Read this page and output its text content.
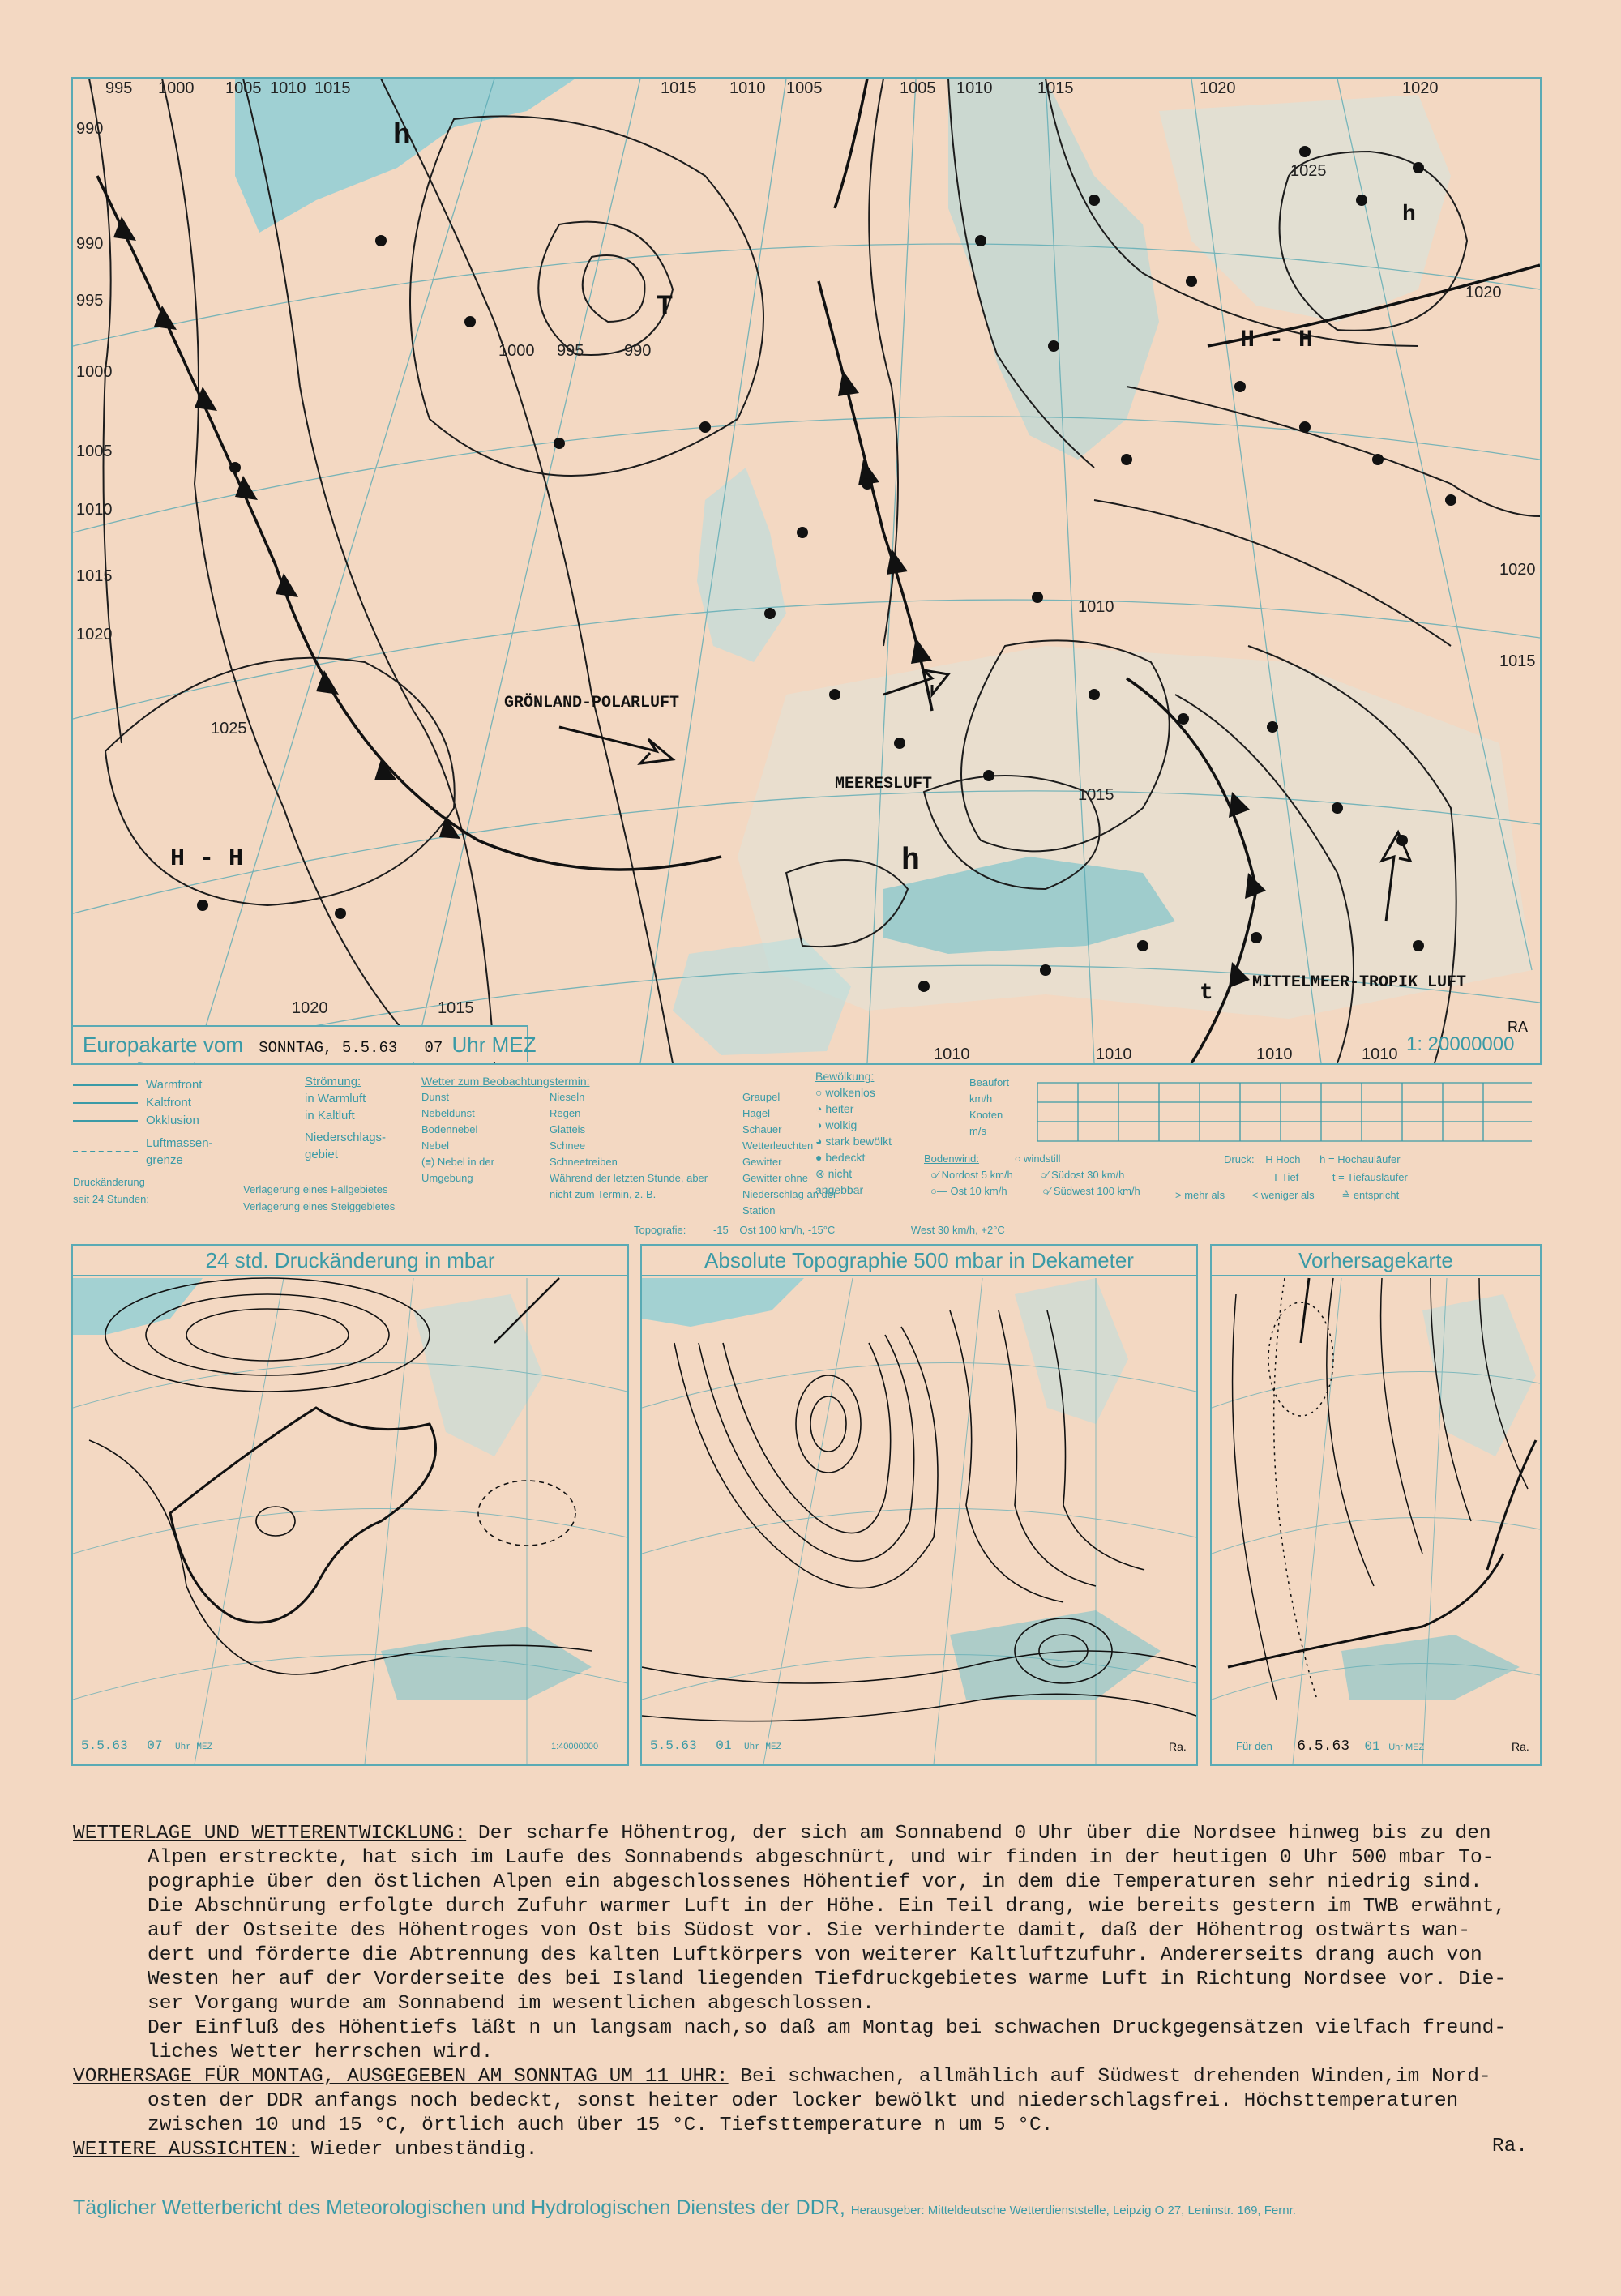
T
H - H
H - H
995 1000 1005 1010 1015	1015 1010 1005	1005 1010	1015	1020	1020
990
990
995
1000
1005
1010
1015
1020
1000 995 990
1025
1025
1010
1020
1015
1020
1015
1020	1015
1010	1010	1010	1010
h
h
h
t
GRÖNLAND-POLARLUFT
MEERESLUFT
MITTELMEER-TROPIK LUFT
Europakarte vom SONNTAG, 5.5.63 07 Uhr MEZ
RA
1: 20000000
Warmfront
Kaltfront
Okklusion
Luftmassen-grenze
Druckänderung
seit 24 Stunden:
Strömung:
in Warmluft
in Kaltluft
Niederschlags-gebiet
Verlagerung eines Fallgebietes
Verlagerung eines Steiggebietes
Wetter zum Beobachtungstermin:
Dunst
Nebeldunst
Bodennebel
Nebel
(≡) Nebel in der Umgebung
Nieseln
Regen
Glatteis
Schnee
Schneetreiben
Während der letzten Stunde, aber nicht zum Termin, z. B.
Graupel
Hagel
Schauer
Wetterleuchten
Gewitter
Gewitter ohne Niederschlag an der Station
Topografie:	-15 Ost 100 km/h, -15°C	West 30 km/h, +2°C
Bewölkung:
○ wolkenlos
◔ heiter
◑ wolkig
◕ stark bewölkt
● bedeckt
⊗ nicht angebbar
Bodenwind:	○ windstill
○⁄ Nordost 5 km/h	○⁄ Südost 30 km/h
○— Ost 10 km/h	○⁄ Südwest 100 km/h
Beaufort
km/h
Knoten
m/s
Druck: H Hoch h = Hochauläufer
T Tief	t = Tiefausläufer
> mehr als	< weniger als	≙ entspricht
24 std. Druckänderung in mbar
5.5.63 07 Uhr MEZ	1:40000000
Absolute Topographie 500 mbar in Dekameter
5.5.63 01 Uhr MEZ	Ra.
Vorhersagekarte
Für den 6.5.63 01 Uhr MEZ	Ra.

WETTERLAGE UND WETTERENTWICKLUNG: Der scharfe Höhentrog, der sich am Sonnabend 0 Uhr über die Nordsee hinweg bis zu den

Alpen erstreckte, hat sich im Laufe des Sonnabends abgeschnürt, und wir finden in der heutigen 0 Uhr 500 mbar To-

pographie über den östlichen Alpen ein abgeschlossenes Höhentief vor, in dem die Temperaturen sehr niedrig sind.

Die Abschnürung erfolgte durch Zufuhr warmer Luft in der Höhe. Ein Teil drang, wie bereits gestern im TWB erwähnt,

auf der Ostseite des Höhentroges von Ost bis Südost vor. Sie verhinderte damit, daß der Höhentrog ostwärts wan-

dert und förderte die Abtrennung des kalten Luftkörpers von weiterer Kaltluftzufuhr. Andererseits drang auch von

Westen her auf der Vorderseite des bei Island liegenden Tiefdruckgebietes warme Luft in Richtung Nordsee vor. Die-

ser Vorgang wurde am Sonnabend im wesentlichen abgeschlossen.

Der Einfluß des Höhentiefs läßt n un langsam nach,so daß am Montag bei schwachen Druckgegensätzen vielfach freund-

liches Wetter herrschen wird.

VORHERSAGE FÜR MONTAG, AUSGEGEBEN AM SONNTAG UM 11 UHR: Bei schwachen, allmählich auf Südwest drehenden Winden,im Nord-

osten der DDR anfangs noch bedeckt, sonst heiter oder locker bewölkt und niederschlagsfrei. Höchsttemperaturen

zwischen 10 und 15 °C, örtlich auch über 15 °C. Tiefsttemperature n um 5 °C.

WEITERE AUSSICHTEN: Wieder unbeständig.	Ra.

Täglicher Wetterbericht des Meteorologischen und Hydrologischen Dienstes der DDR, Herausgeber: Mitteldeutsche Wetterdienststelle, Leipzig O 27, Leninstr. 169, Fernr.
